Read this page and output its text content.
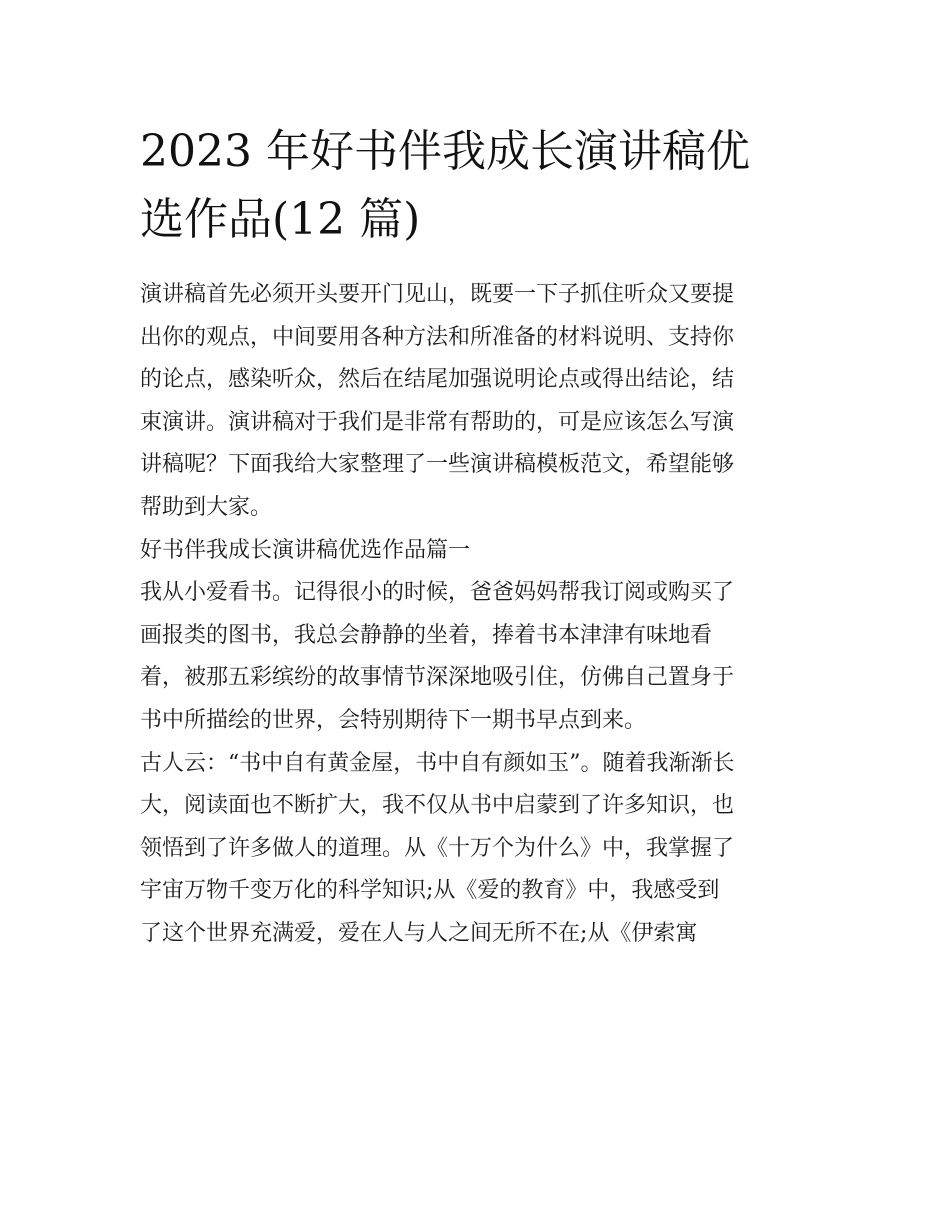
2023 年好书伴我成长演讲稿优
选作品(12 篇)

演讲稿首先必须开头要开门见山，既要一下子抓住听众又要提
出你的观点，中间要用各种方法和所准备的材料说明、支持你
的论点，感染听众，然后在结尾加强说明论点或得出结论，结
束演讲。演讲稿对于我们是非常有帮助的，可是应该怎么写演
讲稿呢？下面我给大家整理了一些演讲稿模板范文，希望能够
帮助到大家。

好书伴我成长演讲稿优选作品篇一

我从小爱看书。记得很小的时候，爸爸妈妈帮我订阅或购买了
画报类的图书，我总会静静的坐着，捧着书本津津有味地看
着，被那五彩缤纷的故事情节深深地吸引住，仿佛自己置身于
书中所描绘的世界，会特别期待下一期书早点到来。

古人云：“书中自有黄金屋，书中自有颜如玉”。随着我渐渐长
大，阅读面也不断扩大，我不仅从书中启蒙到了许多知识，也
领悟到了许多做人的道理。从《十万个为什么》中，我掌握了
宇宙万物千变万化的科学知识;从《爱的教育》中，我感受到
了这个世界充满爱，爱在人与人之间无所不在;从《伊索寓
